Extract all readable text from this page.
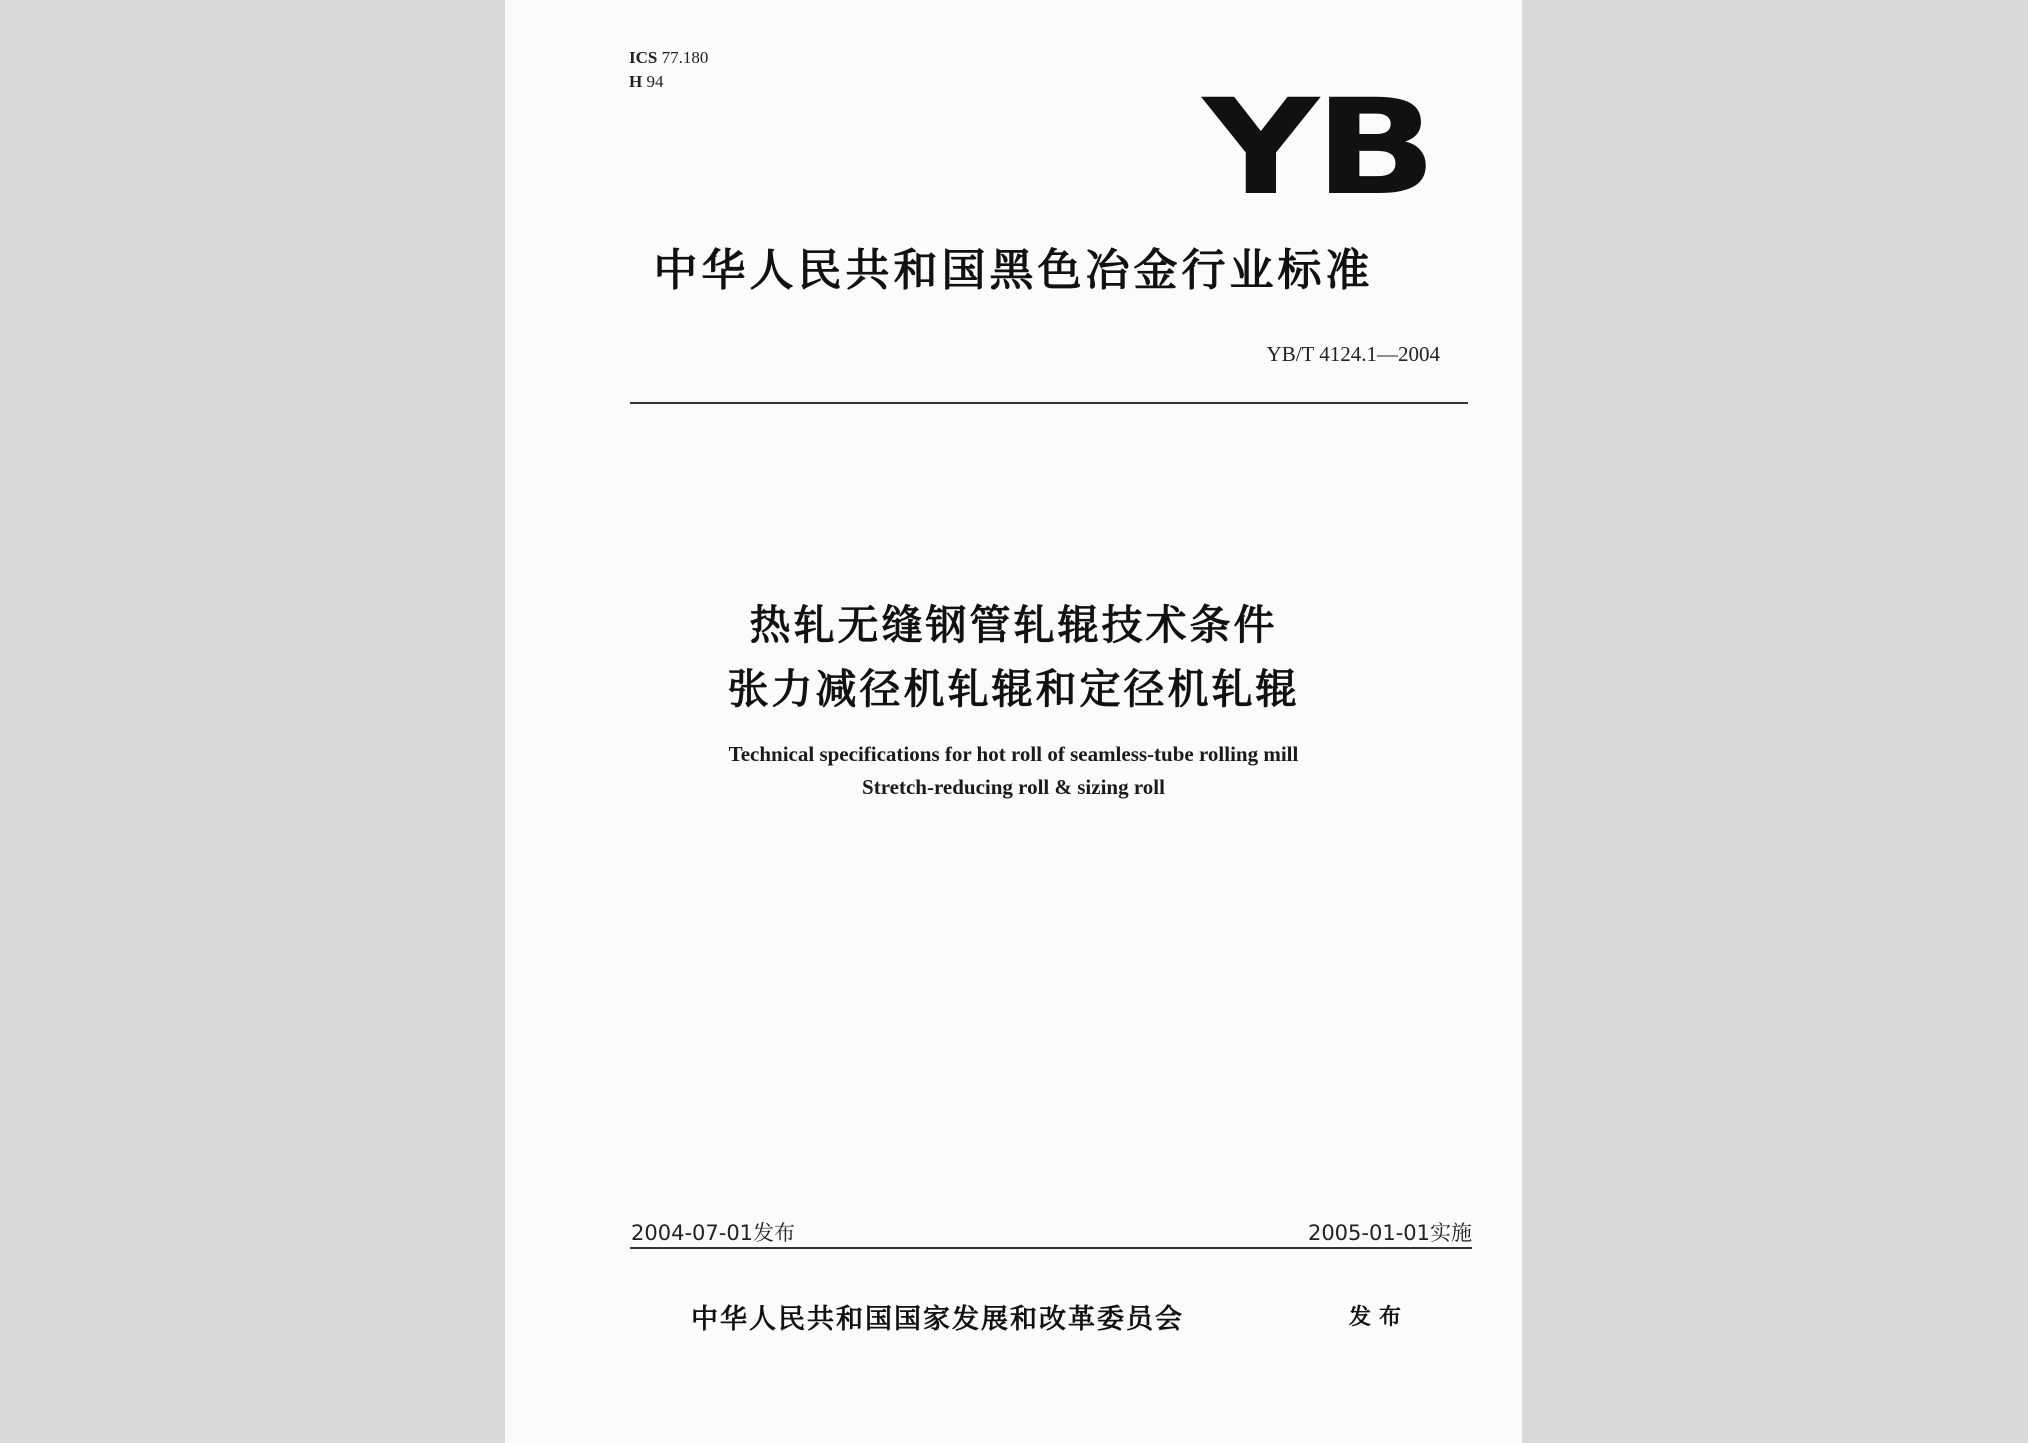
ICS 77.180
H 94	YB
中华人民共和国黑色冶金行业标准
YB/T 4124.1—2004
热轧无缝钢管轧辊技术条件
张力减径机轧辊和定径机轧辊
Technical specifications for hot roll of seamless-tube rolling mill
Stretch-reducing roll & sizing roll
2004-07-01发布	2005-01-01实施
中华人民共和国国家发展和改革委员会	发布
